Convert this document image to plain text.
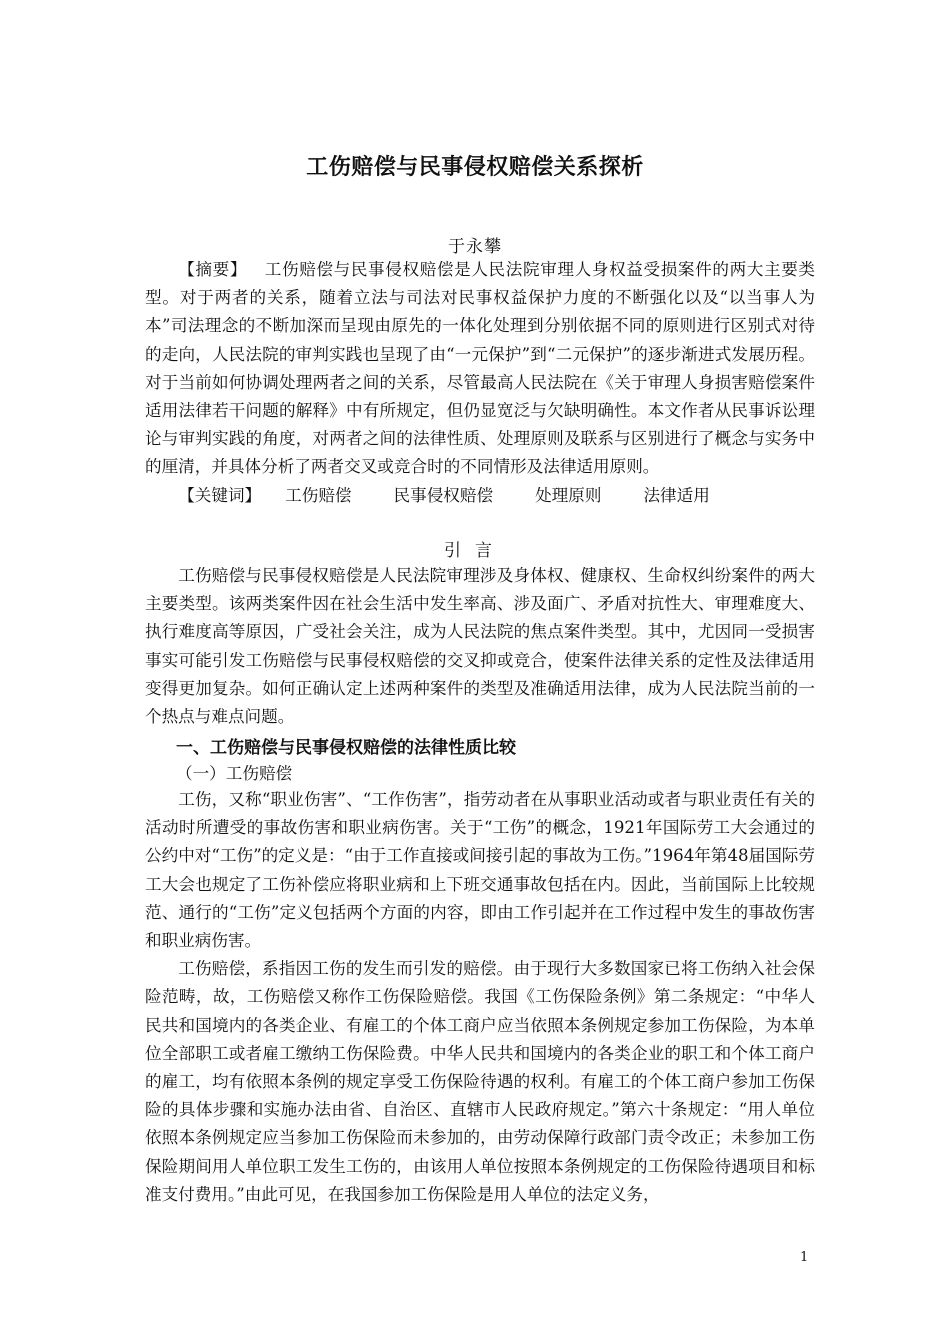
工伤赔偿与民事侵权赔偿关系探析
于永攀

【摘要】 工伤赔偿与民事侵权赔偿是人民法院审理人身权益受损案件的两大主要类型。对于两者的关系，随着立法与司法对民事权益保护力度的不断强化以及“以当事人为本”司法理念的不断加深而呈现由原先的一体化处理到分别依据不同的原则进行区别式对待的走向，人民法院的审判实践也呈现了由“一元保护”到“二元保护”的逐步渐进式发展历程。对于当前如何协调处理两者之间的关系，尽管最高人民法院在《关于审理人身损害赔偿案件适用法律若干问题的解释》中有所规定，但仍显宽泛与欠缺明确性。本文作者从民事诉讼理论与审判实践的角度，对两者之间的法律性质、处理原则及联系与区别进行了概念与实务中的厘清，并具体分析了两者交叉或竞合时的不同情形及法律适用原则。

【关键词】 工伤赔偿	民事侵权赔偿	处理原则	法律适用
引言

工伤赔偿与民事侵权赔偿是人民法院审理涉及身体权、健康权、生命权纠纷案件的两大主要类型。该两类案件因在社会生活中发生率高、涉及面广、矛盾对抗性大、审理难度大、执行难度高等原因，广受社会关注，成为人民法院的焦点案件类型。其中，尤因同一受损害事实可能引发工伤赔偿与民事侵权赔偿的交叉抑或竞合，使案件法律关系的定性及法律适用变得更加复杂。如何正确认定上述两种案件的类型及准确适用法律，成为人民法院当前的一个热点与难点问题。

一、工伤赔偿与民事侵权赔偿的法律性质比较
（一）工伤赔偿

工伤，又称“职业伤害”、“工作伤害”，指劳动者在从事职业活动或者与职业责任有关的活动时所遭受的事故伤害和职业病伤害。关于“工伤”的概念，1921年国际劳工大会通过的公约中对“工伤”的定义是：“由于工作直接或间接引起的事故为工伤。”1964年第48届国际劳工大会也规定了工伤补偿应将职业病和上下班交通事故包括在内。因此，当前国际上比较规范、通行的“工伤”定义包括两个方面的内容，即由工作引起并在工作过程中发生的事故伤害和职业病伤害。

工伤赔偿，系指因工伤的发生而引发的赔偿。由于现行大多数国家已将工伤纳入社会保险范畴，故，工伤赔偿又称作工伤保险赔偿。我国《工伤保险条例》第二条规定：“中华人民共和国境内的各类企业、有雇工的个体工商户应当依照本条例规定参加工伤保险，为本单位全部职工或者雇工缴纳工伤保险费。中华人民共和国境内的各类企业的职工和个体工商户的雇工，均有依照本条例的规定享受工伤保险待遇的权利。有雇工的个体工商户参加工伤保险的具体步骤和实施办法由省、自治区、直辖市人民政府规定。”第六十条规定：“用人单位依照本条例规定应当参加工伤保险而未参加的，由劳动保障行政部门责令改正；未参加工伤保险期间用人单位职工发生工伤的，由该用人单位按照本条例规定的工伤保险待遇项目和标准支付费用。”由此可见，在我国参加工伤保险是用人单位的法定义务，

1
